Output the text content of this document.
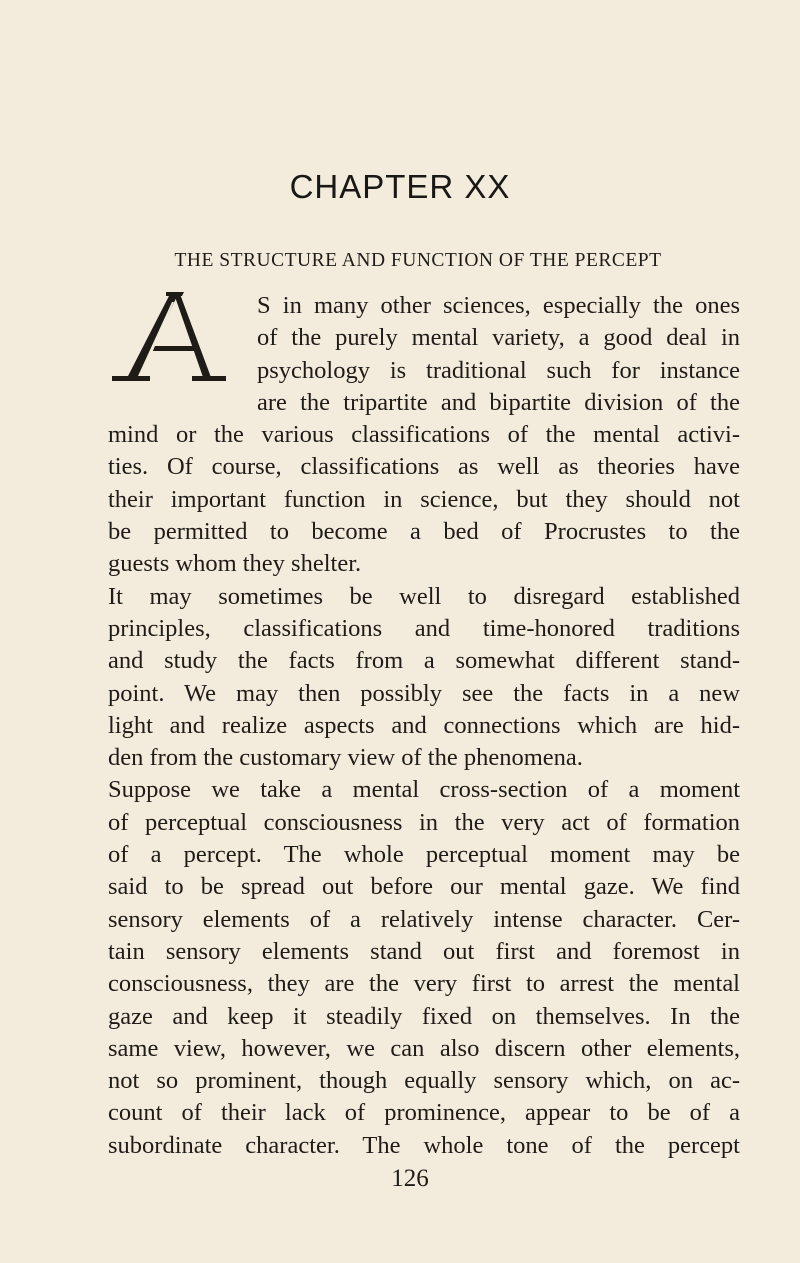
CHAPTER XX
THE STRUCTURE AND FUNCTION OF THE PERCEPT
S in many other sciences, especially the ones
of the purely mental variety, a good deal in
psychology is traditional such for instance
are the tripartite and bipartite division of the
mind or the various classifications of the mental activi-
ties. Of course, classifications as well as theories have
their important function in science, but they should not
be permitted to become a bed of Procrustes to the
guests whom they shelter.
It may sometimes be well to disregard established
principles, classifications and time-honored traditions
and study the facts from a somewhat different stand-
point. We may then possibly see the facts in a new
light and realize aspects and connections which are hid-
den from the customary view of the phenomena.
Suppose we take a mental cross-section of a moment
of perceptual consciousness in the very act of formation
of a percept. The whole perceptual moment may be
said to be spread out before our mental gaze. We find
sensory elements of a relatively intense character. Cer-
tain sensory elements stand out first and foremost in
consciousness, they are the very first to arrest the mental
gaze and keep it steadily fixed on themselves. In the
same view, however, we can also discern other elements,
not so prominent, though equally sensory which, on ac-
count of their lack of prominence, appear to be of a
subordinate character. The whole tone of the percept
126
